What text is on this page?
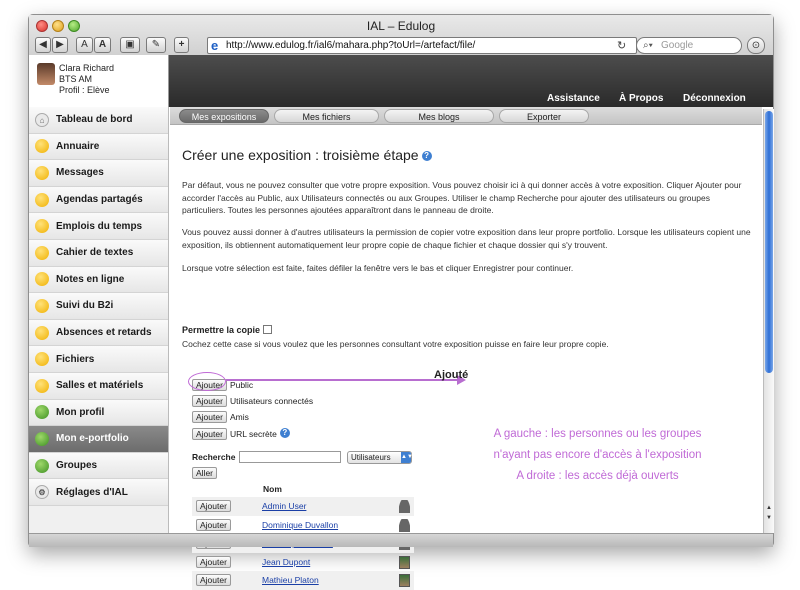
IAL – Edulog
◀ ▶	A	A	▣	✎	+	e http://www.edulog.fr/ial6/mahara.php?toUrl=/artefact/file/	↻ ⌕▾ Google	⊙
Clara Richard
BTS AM
Profil : Elève
Assistance À Propos Déconnexion
⌂	Tableau de bord
Annuaire
Messages
Agendas partagés
Emplois du temps
Cahier de textes
Notes en ligne
Suivi du B2i
Absences et retards
Fichiers
Salles et matériels
Mon profil
Mon e-portfolio
Groupes
⚙	Réglages d'IAL
Mes expositions	Mes fichiers	Mes blogs	Exporter
Créer une exposition : troisième étape ?
Par défaut, vous ne pouvez consulter que votre propre exposition. Vous pouvez choisir ici à qui donner accès à votre exposition. Cliquer Ajouter pour accorder l'accès au Public, aux Utilisateurs connectés ou aux Groupes. Utiliser le champ Recherche pour ajouter des utilisateurs ou groupes particuliers. Toutes les personnes ajoutées apparaîtront dans le panneau de droite.
Vous pouvez aussi donner à d'autres utilisateurs la permission de copier votre exposition dans leur propre portfolio. Lorsque les utilisateurs copient une exposition, ils obtiennent automatiquement leur propre copie de chaque fichier et chaque dossier qui s'y trouvent.
Lorsque votre sélection est faite, faites défiler la fenêtre vers le bas et cliquer Enregistrer pour continuer.
Permettre la copie
Cochez cette case si vous voulez que les personnes consultant votre exposition puisse en faire leur propre copie.
Ajouter Public
Ajouter Utilisateurs connectés
Ajouter Amis
Ajouter URL secrète ?
Ajouté
A gauche : les personnes ou les groupes
n'ayant pas encore d'accès à l'exposition
A droite : les accès déjà ouverts
Recherche	Utilisateurs ▲▼
Aller
Nom
Ajouter	Admin User
Ajouter	Dominique Duvallon
Ajouter	Jean Dupont
Ajouter	Mathieu Platon
▲
▼
